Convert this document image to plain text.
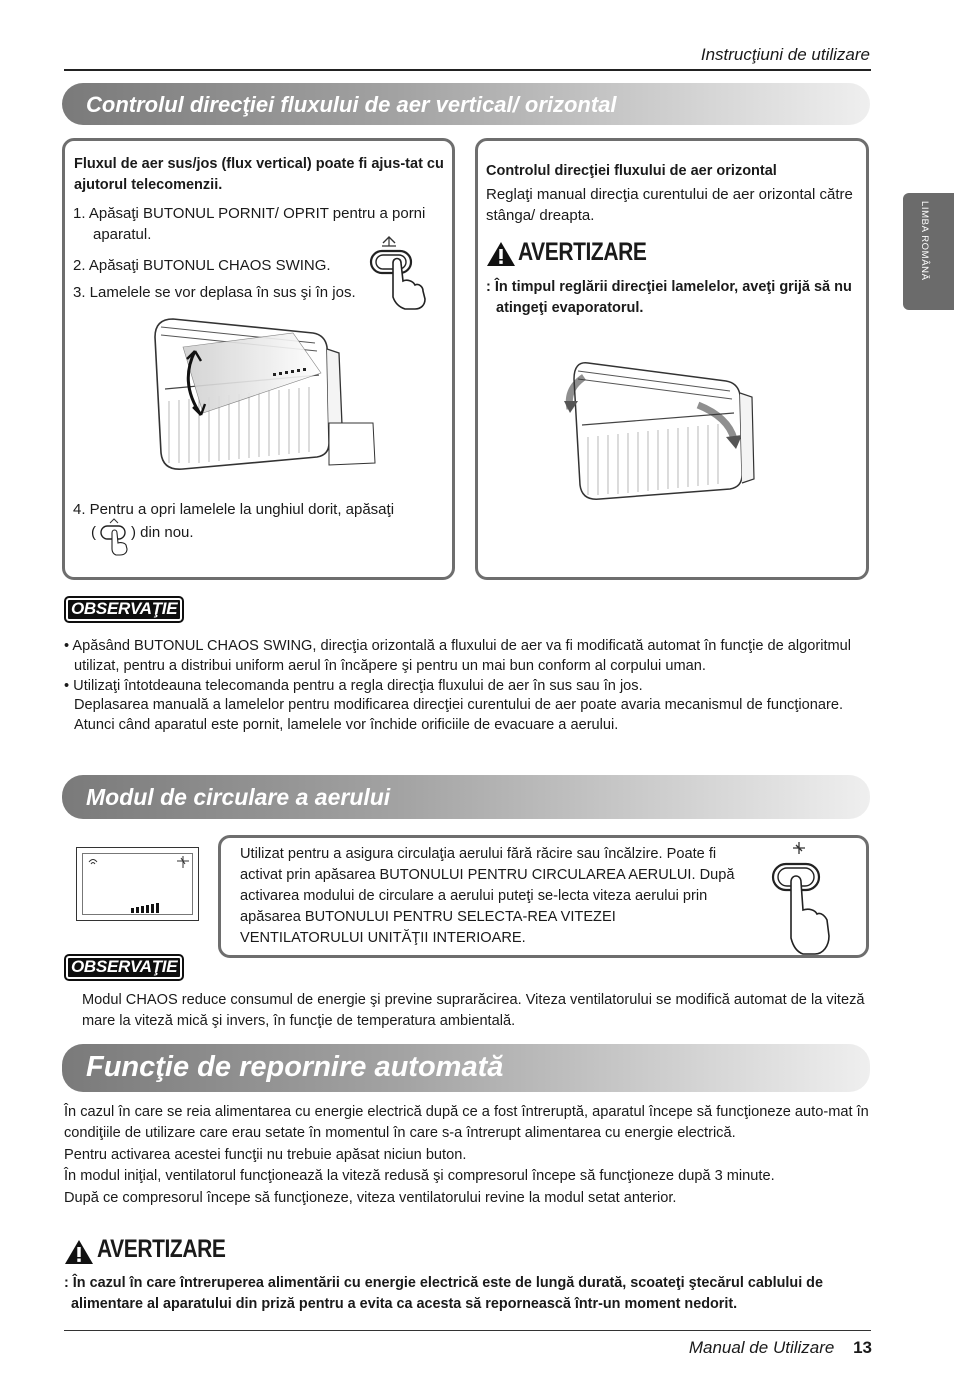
Instrucţiuni de utilizare
LIMBA ROMÂNĂ
Controlul direcţiei fluxului de aer vertical/ orizontal
Fluxul de aer sus/jos (flux vertical) poate fi ajus-tat cu ajutorul telecomenzii.
1. Apăsaţi BUTONUL PORNIT/ OPRIT pentru a porni aparatul.
2. Apăsaţi BUTONUL CHAOS SWING.
3. Lamelele se vor deplasa în sus şi în jos.
4. Pentru a opri lamelele la unghiul dorit, apăsaţi
( ) din nou.
Controlul direcţiei fluxului de aer orizontal
Reglaţi manual direcţia curentului de aer orizontal către stânga/ dreapta.
AVERTIZARE
: În timpul reglării direcţiei lamelelor, aveţi grijă să nu atingeţi evaporatorul.
OBSERVAŢIE
• Apăsând BUTONUL CHAOS SWING, direcţia orizontală a fluxului de aer va fi modificată automat în funcţie de algoritmul utilizat, pentru a distribui uniform aerul în încăpere şi pentru un mai bun conform al corpului uman.
• Utilizaţi întotdeauna telecomanda pentru a regla direcţia fluxului de aer în sus sau în jos.
Deplasarea manuală a lamelelor pentru modificarea direcţiei curentului de aer poate avaria mecanismul de funcţionare. Atunci când aparatul este pornit, lamelele vor închide orificiile de evacuare a aerului.
Modul de circulare a aerului
Utilizat pentru a asigura circulaţia aerului fără răcire sau încălzire. Poate fi activat prin apăsarea BUTONULUI PENTRU CIRCULAREA AERULUI. După activarea modului de circulare a aerului puteţi se-lecta viteza aerului prin apăsarea BUTONULUI PENTRU SELECTA-REA VITEZEI VENTILATORULUI UNITĂŢII INTERIOARE.
OBSERVAŢIE
Modul CHAOS reduce consumul de energie şi previne suprarăcirea. Viteza ventilatorului se modifică automat de la viteză mare la viteză mică şi invers, în funcţie de temperatura ambientală.
Funcţie de repornire automată
În cazul în care se reia alimentarea cu energie electrică după ce a fost întreruptă, aparatul începe să funcţioneze auto-mat în condiţiile de utilizare care erau setate în momentul în care s-a întrerupt alimentarea cu energie electrică.
Pentru activarea acestei funcţii nu trebuie apăsat niciun buton.
În modul iniţial, ventilatorul funcţionează la viteză redusă şi compresorul începe să funcţioneze după 3 minute.
După ce compresorul începe să funcţioneze, viteza ventilatorului revine la modul setat anterior.
AVERTIZARE
: În cazul în care întreruperea alimentării cu energie electrică este de lungă durată, scoateţi ştecărul cablului de alimentare al aparatului din priză pentru a evita ca acesta să repornească într-un moment nedorit.
Manual de Utilizare 13
